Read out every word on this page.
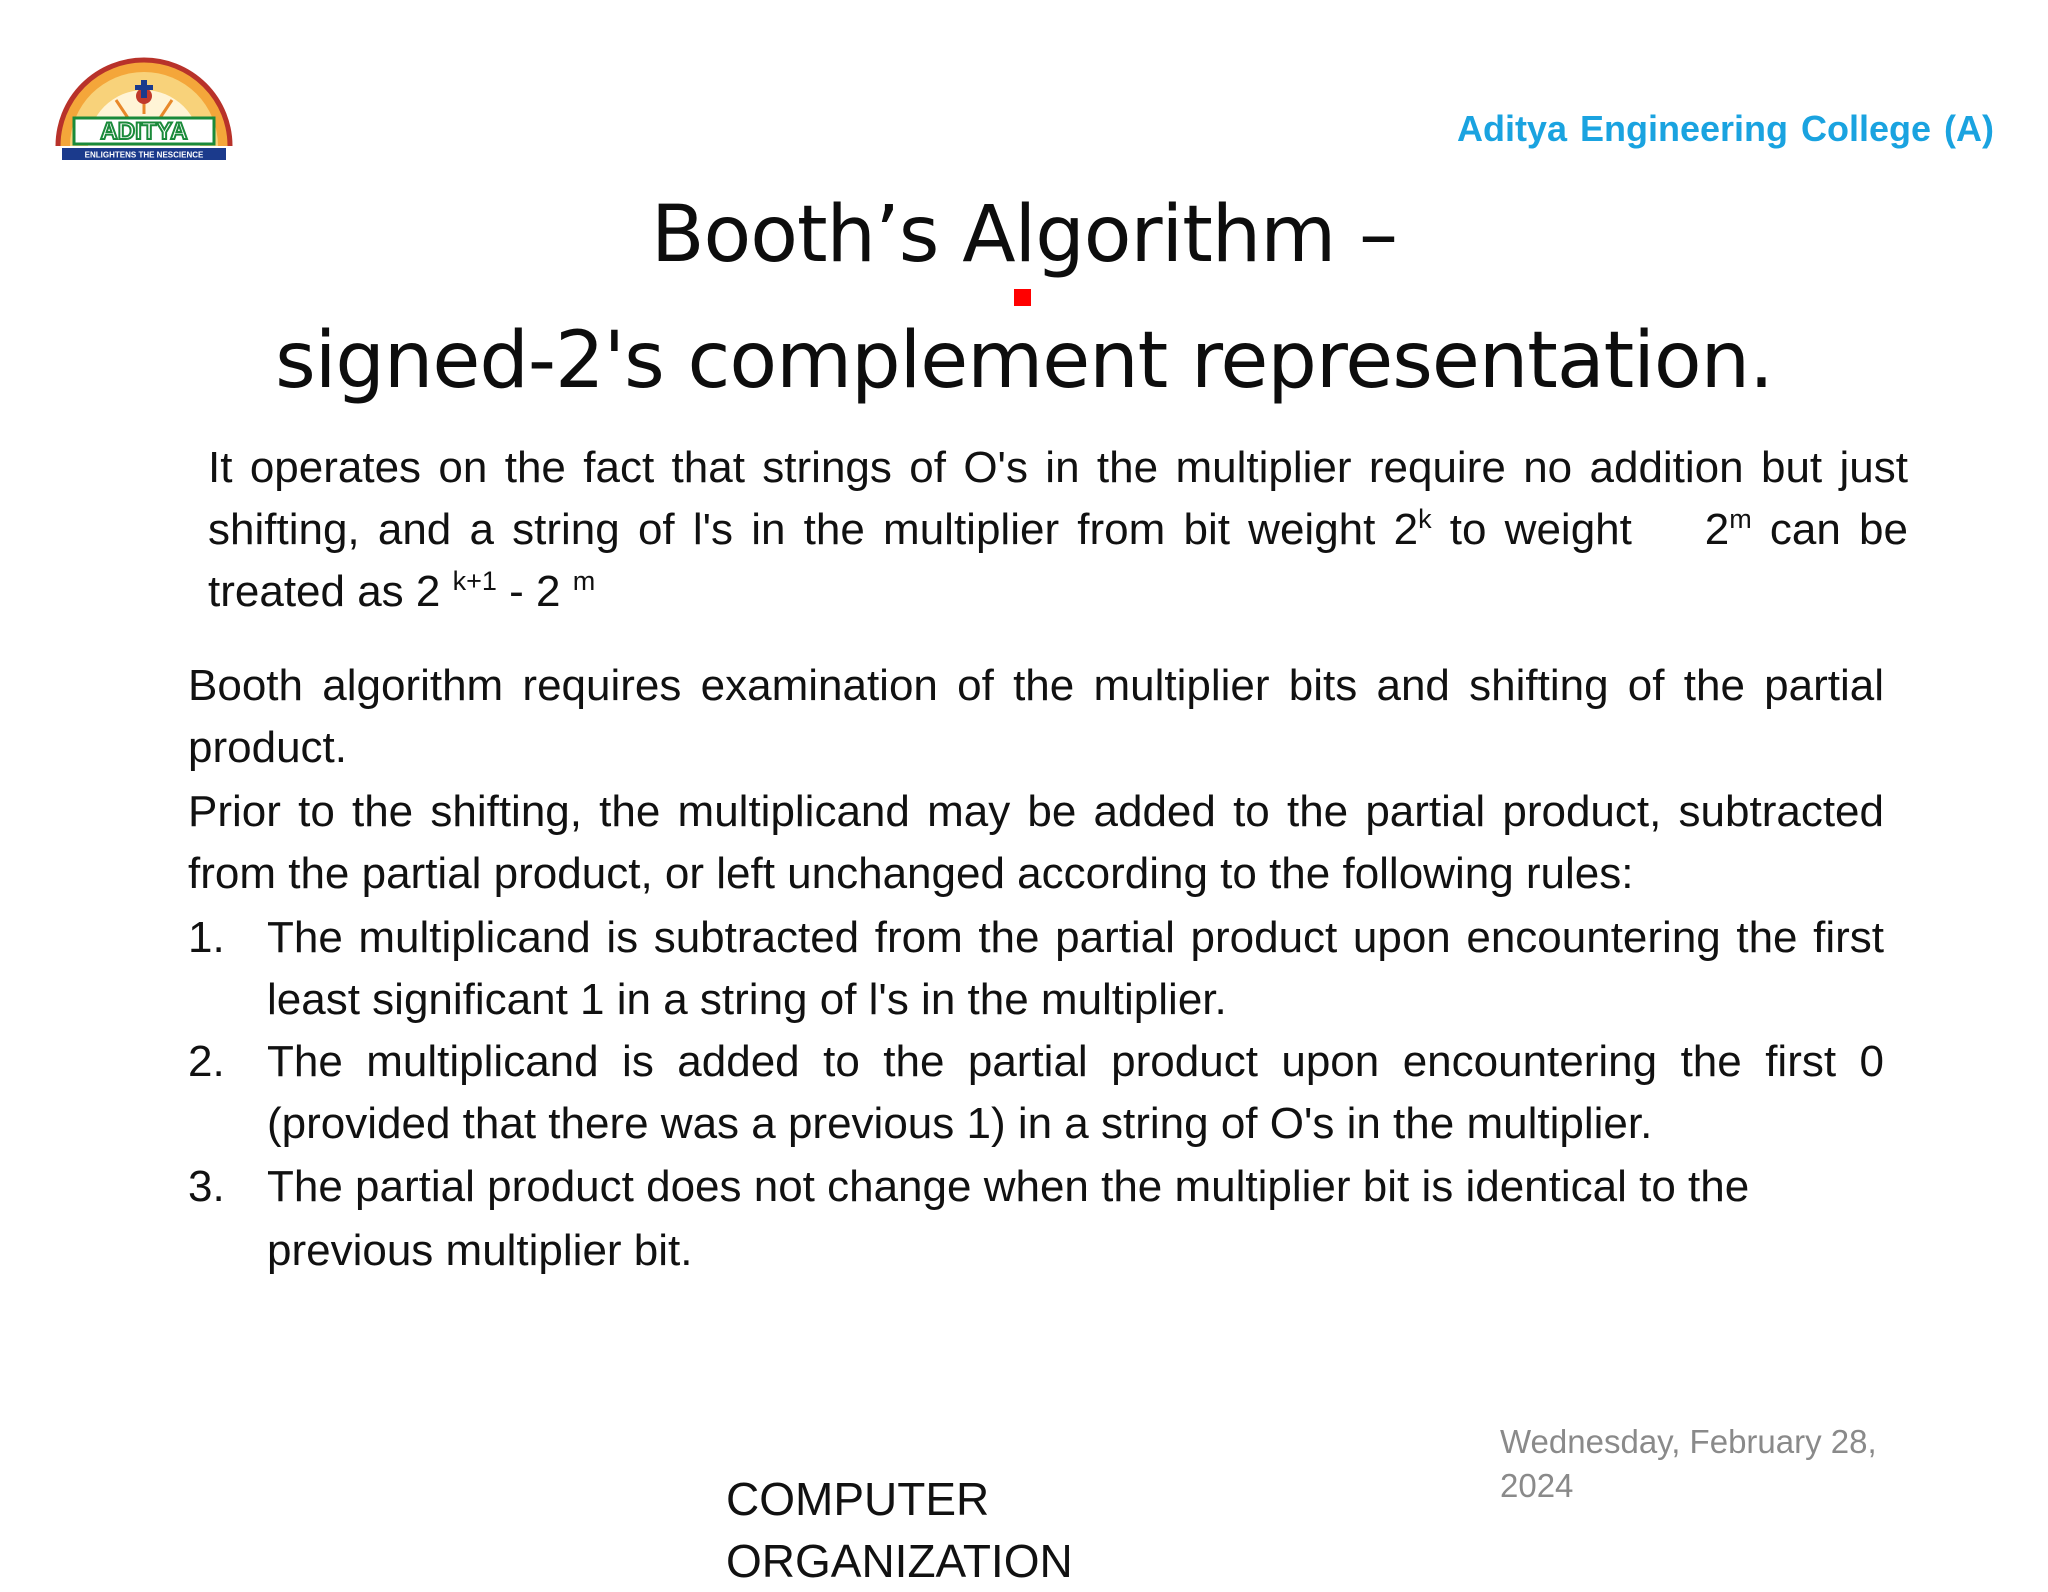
ADITYA
ENLIGHTENS THE NESCIENCE
Aditya Engineering College (A)
Booth’s Algorithm –
signed-2's complement representation.
It operates on the fact that strings of O's in the multiplier require no addition but just shifting, and a string of l's in the multiplier from bit weight 2$^k$ to weight    2$^m$ can be treated as 2 $^{k+1}$ - 2 $^m$

Booth algorithm requires examination of the multiplier bits and shifting of the partial product.

Prior to the shifting, the multiplicand may be added to the partial product, subtracted from the partial product, or left unchanged according to the following rules:

1. The multiplicand is subtracted from the partial product upon encountering the first least significant 1 in a string of l's in the multiplier.
2. The multiplicand is added to the partial product upon encountering the first 0 (provided that there was a previous 1) in a string of O's in the multiplier.
3. The partial product does not change when the multiplier bit is identical to the previous multiplier bit.
Wednesday, February 28, 2024
COMPUTER
ORGANIZATION
